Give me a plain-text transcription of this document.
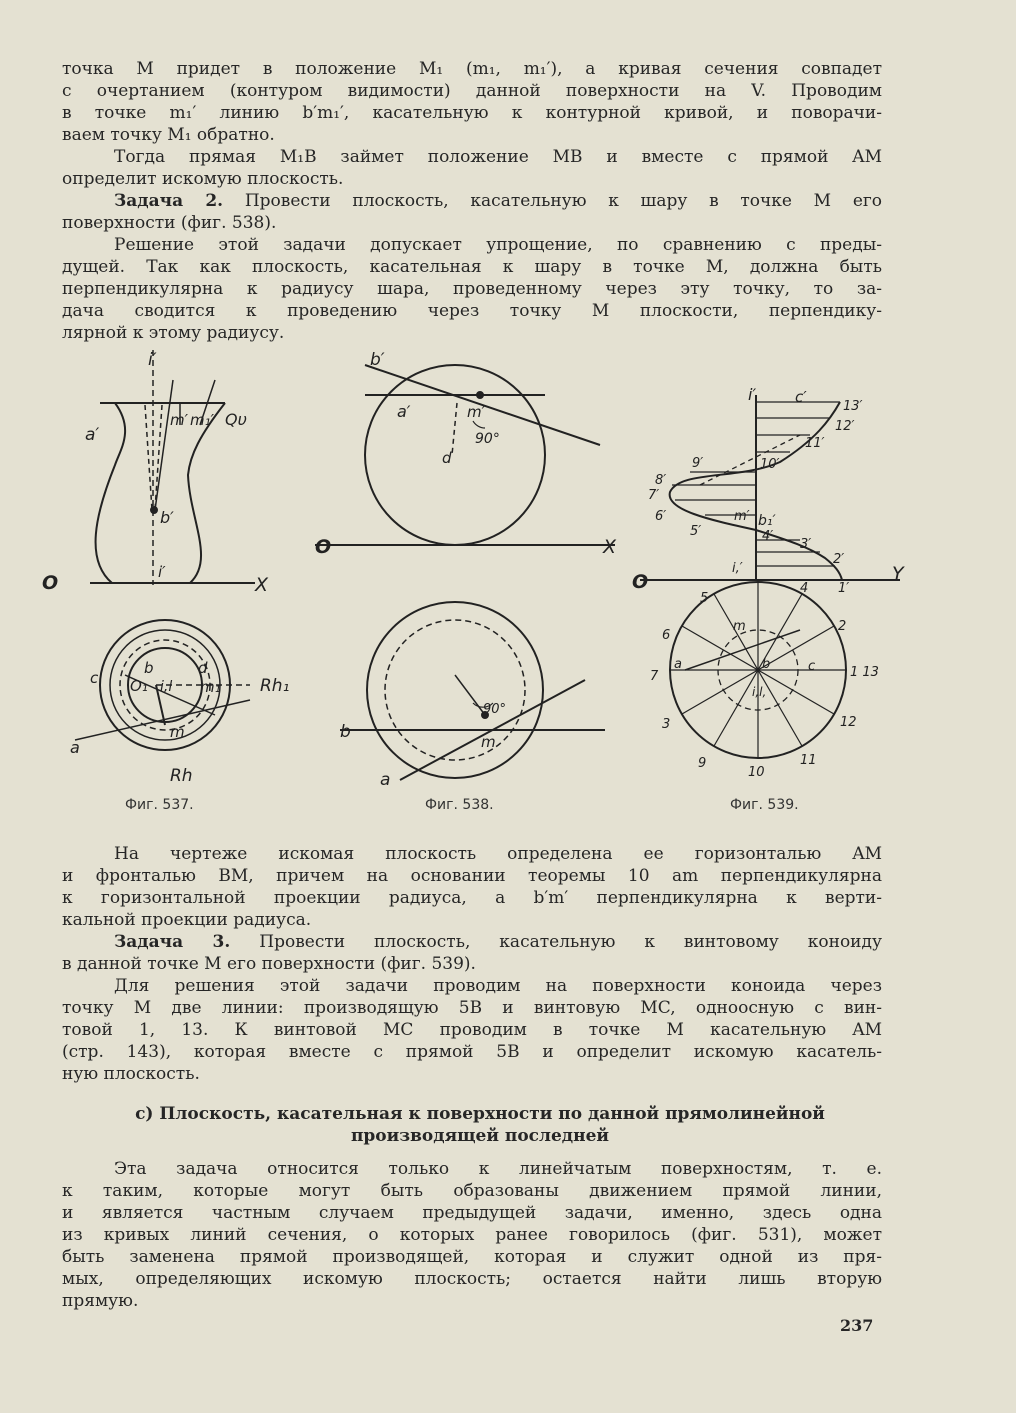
точка M придет в положение M₁ (m₁, m₁′), а кривая сечения совпадет
с очертанием (контуром видимости) данной поверхности на V. Проводим
в точке m₁′ линию b′m₁′, касательную к контурной кривой, и поворачи-
ваем точку M₁ обратно.

Тогда прямая M₁B займет положение MB и вместе с прямой AM
определит искомую плоскость.

Задача 2. Провести плоскость, касательную к шару в точке M его
поверхности (фиг. 538).

Решение этой задачи допускает упрощение, по сравнению с преды-
дущей. Так как плоскость, касательная к шару в точке M, должна быть
перпендикулярна к радиусу шара, проведенному через эту точку, то за-
дача сводится к проведению через точку M плоскости, перпендику-
лярной к этому радиусу.

i′
a′
m′ m₁′ Qυ
b′
i′
O	X
c
b
O₁ i,l
d
m₁ Rh₁
a
m
Rh

Фиг. 537.

b′
a′	m′
90°
d
O	X
90°
b	m
a

Фиг. 538.

i′	c′
13′
12′
11′
10′
9′
8′
7′
6′	m′ b₁′
5′	4′
3′
2′
1′
i,′
O	Y
5
4
6
2
m
a	b	c
7	1 13
i,l,
3	12
9
10
11

Фиг. 539.

На чертеже искомая плоскость определена ее горизонталью AM
и фронталью BM, причем на основании теоремы 10 am перпендикулярна
к горизонтальной проекции радиуса, а b′m′ перпендикулярна к верти-
кальной проекции радиуса.

Задача 3. Провести плоскость, касательную к винтовому коноиду
в данной точке M его поверхности (фиг. 539).

Для решения этой задачи проводим на поверхности коноида через
точку M две линии: производящую 5B и винтовую MC, одноосную с вин-
товой 1, 13. К винтовой MC проводим в точке M касательную AM
(стр. 143), которая вместе с прямой 5B и определит искомую касатель-
ную плоскость.

c) Плоскость, касательная к поверхности по данной прямолинейной
производящей последней

Эта задача относится только к линейчатым поверхностям, т. е.
к таким, которые могут быть образованы движением прямой линии,
и является частным случаем предыдущей задачи, именно, здесь одна
из кривых линий сечения, о которых ранее говорилось (фиг. 531), может
быть заменена прямой производящей, которая и служит одной из пря-
мых, определяющих искомую плоскость; остается найти лишь вторую
прямую.

237
